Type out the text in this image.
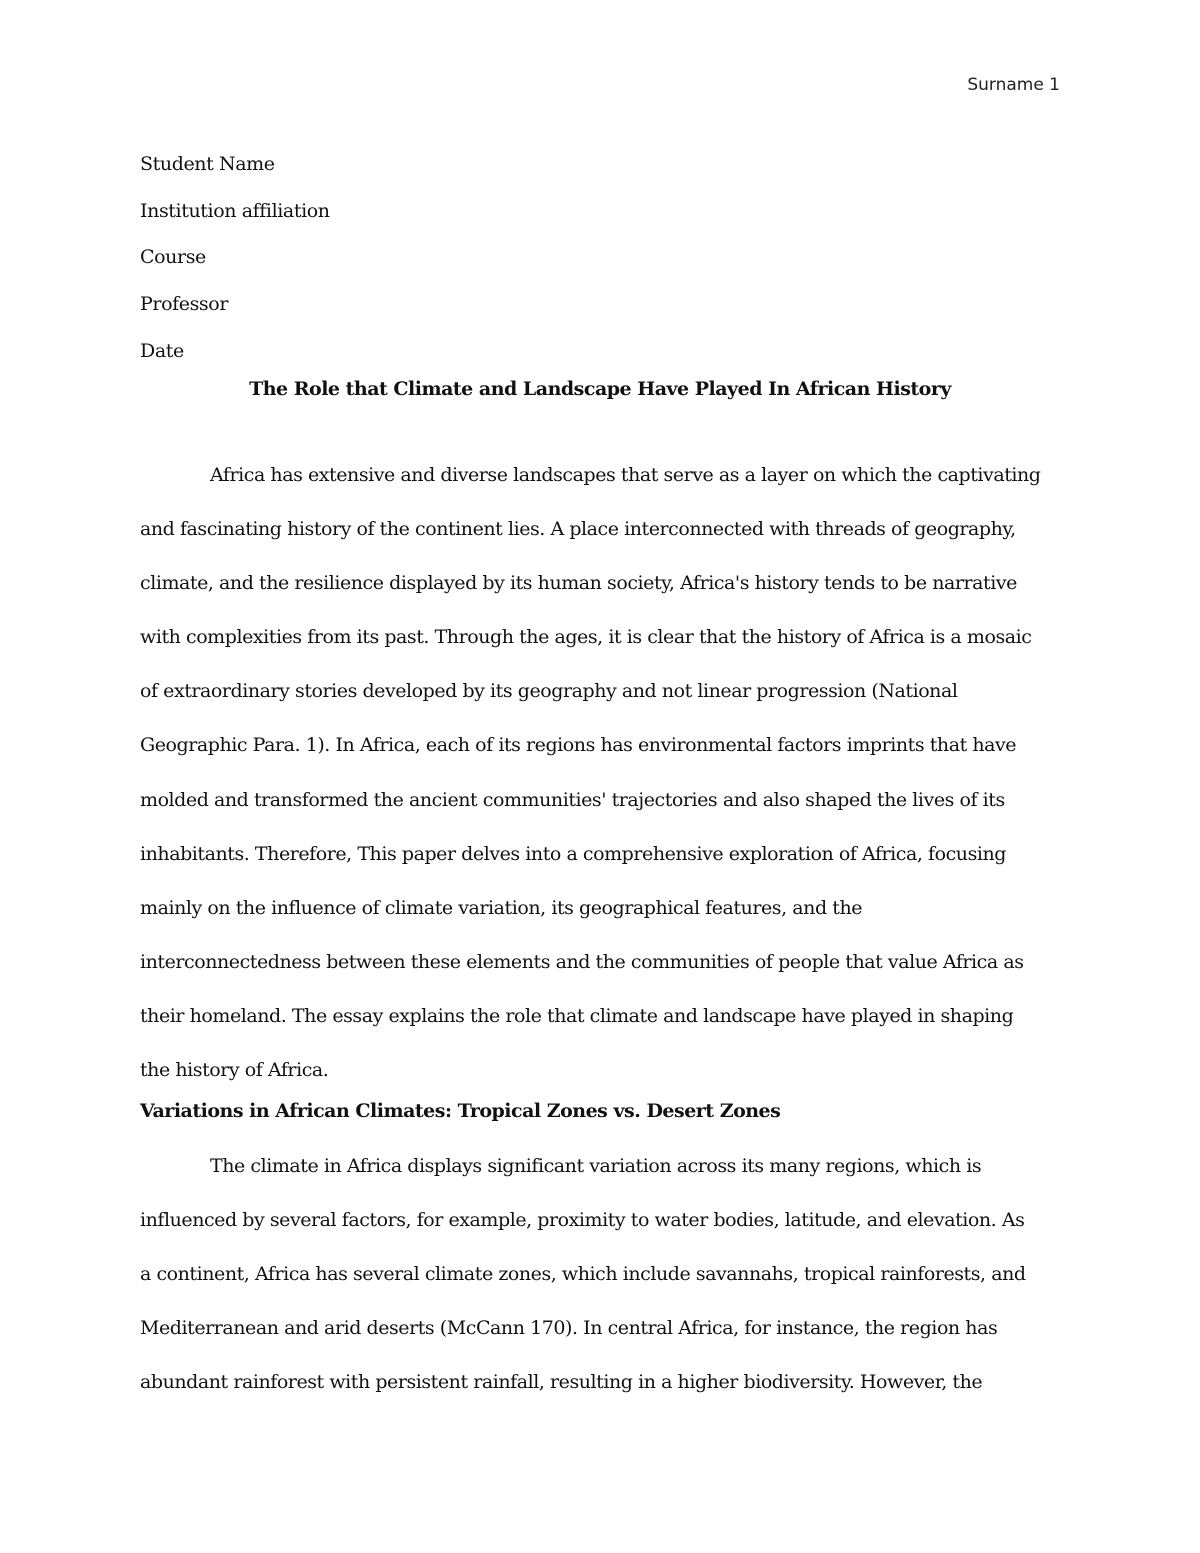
Surname 1
Student Name
Institution affiliation
Course
Professor
Date
The Role that Climate and Landscape Have Played In African History
Africa has extensive and diverse landscapes that serve as a layer on which the captivating
and fascinating history of the continent lies. A place interconnected with threads of geography,
climate, and the resilience displayed by its human society, Africa's history tends to be narrative
with complexities from its past. Through the ages, it is clear that the history of Africa is a mosaic
of extraordinary stories developed by its geography and not linear progression (National
Geographic Para. 1). In Africa, each of its regions has environmental factors imprints that have
molded and transformed the ancient communities' trajectories and also shaped the lives of its
inhabitants. Therefore, This paper delves into a comprehensive exploration of Africa, focusing
mainly on the influence of climate variation, its geographical features, and the
interconnectedness between these elements and the communities of people that value Africa as
their homeland. The essay explains the role that climate and landscape have played in shaping
the history of Africa.
Variations in African Climates: Tropical Zones vs. Desert Zones
The climate in Africa displays significant variation across its many regions, which is
influenced by several factors, for example, proximity to water bodies, latitude, and elevation. As
a continent, Africa has several climate zones, which include savannahs, tropical rainforests, and
Mediterranean and arid deserts (McCann 170). In central Africa, for instance, the region has
abundant rainforest with persistent rainfall, resulting in a higher biodiversity. However, the
